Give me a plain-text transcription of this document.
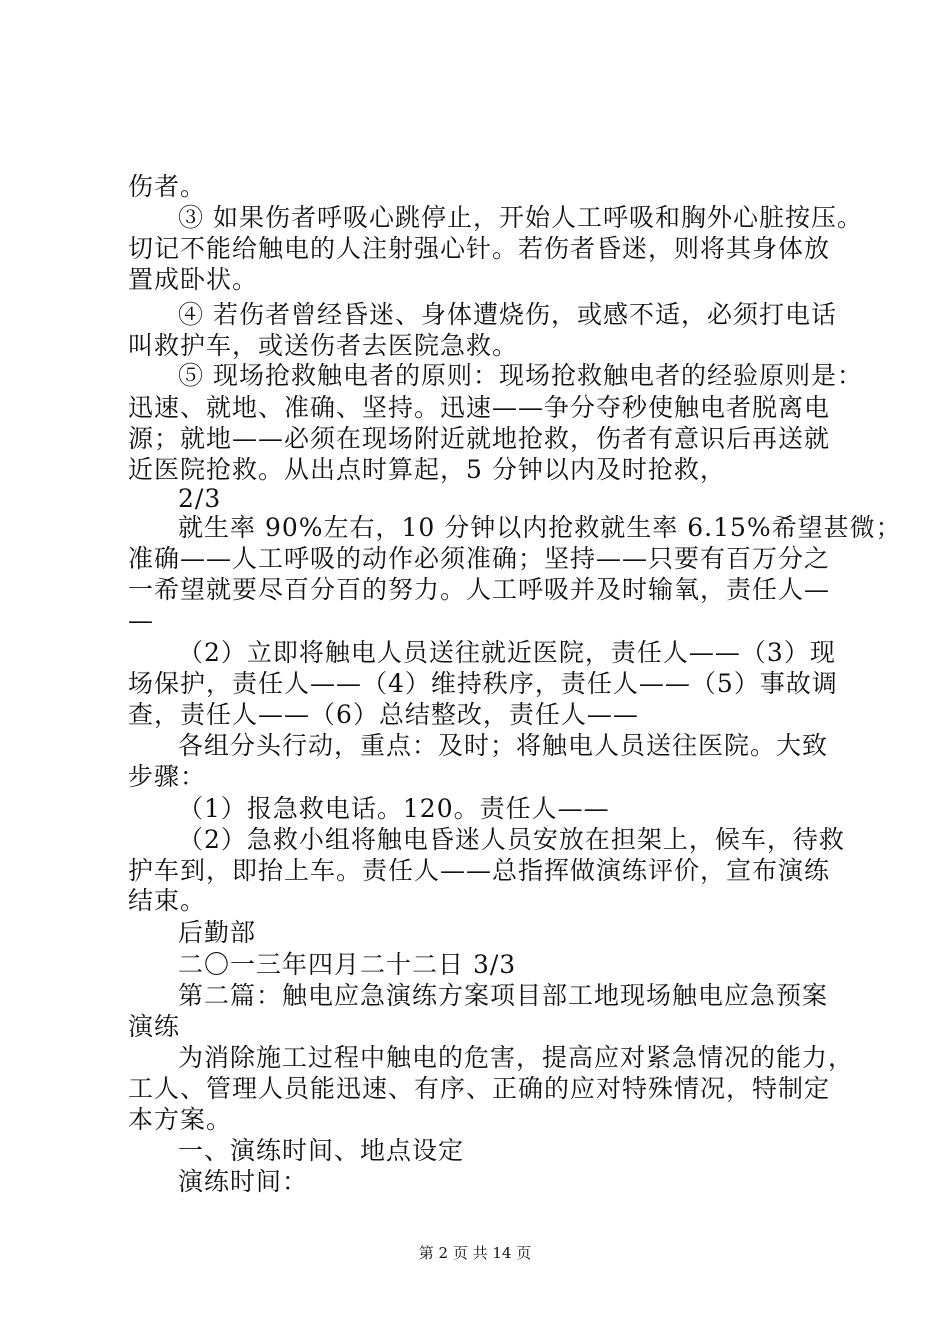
伤者。
③ 如果伤者呼吸心跳停止，开始人工呼吸和胸外心脏按压。
切记不能给触电的人注射强心针。若伤者昏迷，则将其身体放
置成卧状。
④ 若伤者曾经昏迷、身体遭烧伤，或感不适，必须打电话
叫救护车，或送伤者去医院急救。
⑤ 现场抢救触电者的原则：现场抢救触电者的经验原则是：
迅速、就地、准确、坚持。迅速——争分夺秒使触电者脱离电
源；就地——必须在现场附近就地抢救，伤者有意识后再送就
近医院抢救。从出点时算起，5 分钟以内及时抢救，
2/3
就生率 90%左右，10 分钟以内抢救就生率 6.15%希望甚微；
准确——人工呼吸的动作必须准确；坚持——只要有百万分之
一希望就要尽百分百的努力。人工呼吸并及时输氧，责任人—
—
（2）立即将触电人员送往就近医院，责任人——（3）现
场保护，责任人——（4）维持秩序，责任人——（5）事故调
查，责任人——（6）总结整改，责任人——
各组分头行动，重点：及时；将触电人员送往医院。大致
步骤：
（1）报急救电话。120。责任人——
（2）急救小组将触电昏迷人员安放在担架上，候车，待救
护车到，即抬上车。责任人——总指挥做演练评价，宣布演练
结束。
后勤部
二〇一三年四月二十二日 3/3
第二篇：触电应急演练方案项目部工地现场触电应急预案
演练
为消除施工过程中触电的危害，提高应对紧急情况的能力，
工人、管理人员能迅速、有序、正确的应对特殊情况，特制定
本方案。
一、演练时间、地点设定
演练时间：
第 2 页 共 14 页
